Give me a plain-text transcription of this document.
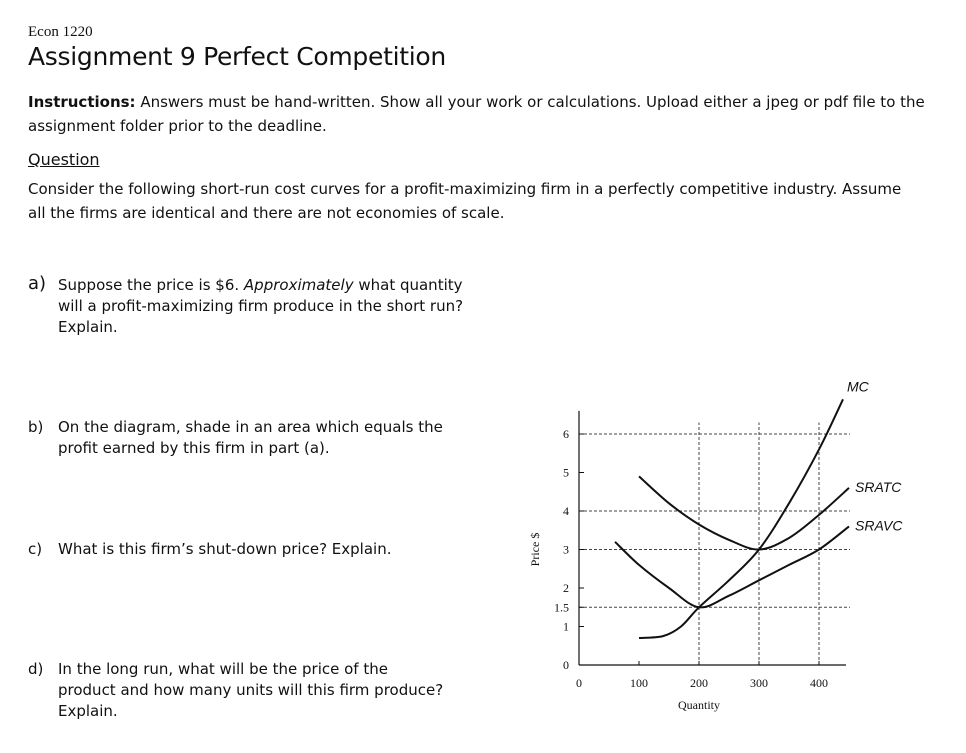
Econ 1220
Assignment 9 Perfect Competition
Instructions: Answers must be hand-written. Show all your work or calculations. Upload either a jpeg or pdf file to the assignment folder prior to the deadline.
Question
Consider the following short-run cost curves for a profit-maximizing firm in a perfectly competitive industry. Assume all the firms are identical and there are not economies of scale.
a) Suppose the price is $6. Approximately what quantity will a profit-maximizing firm produce in the short run? Explain.
b) On the diagram, shade in an area which equals the profit earned by this firm in part (a).
c) What is this firm’s shut-down price? Explain.
d) In the long run, what will be the price of the product and how many units will this firm produce? Explain.
0
1
1.5
2
3
4
5
6
0	100	200	300	400
Quantity
Price $
MC
SRATC
SRAVC
